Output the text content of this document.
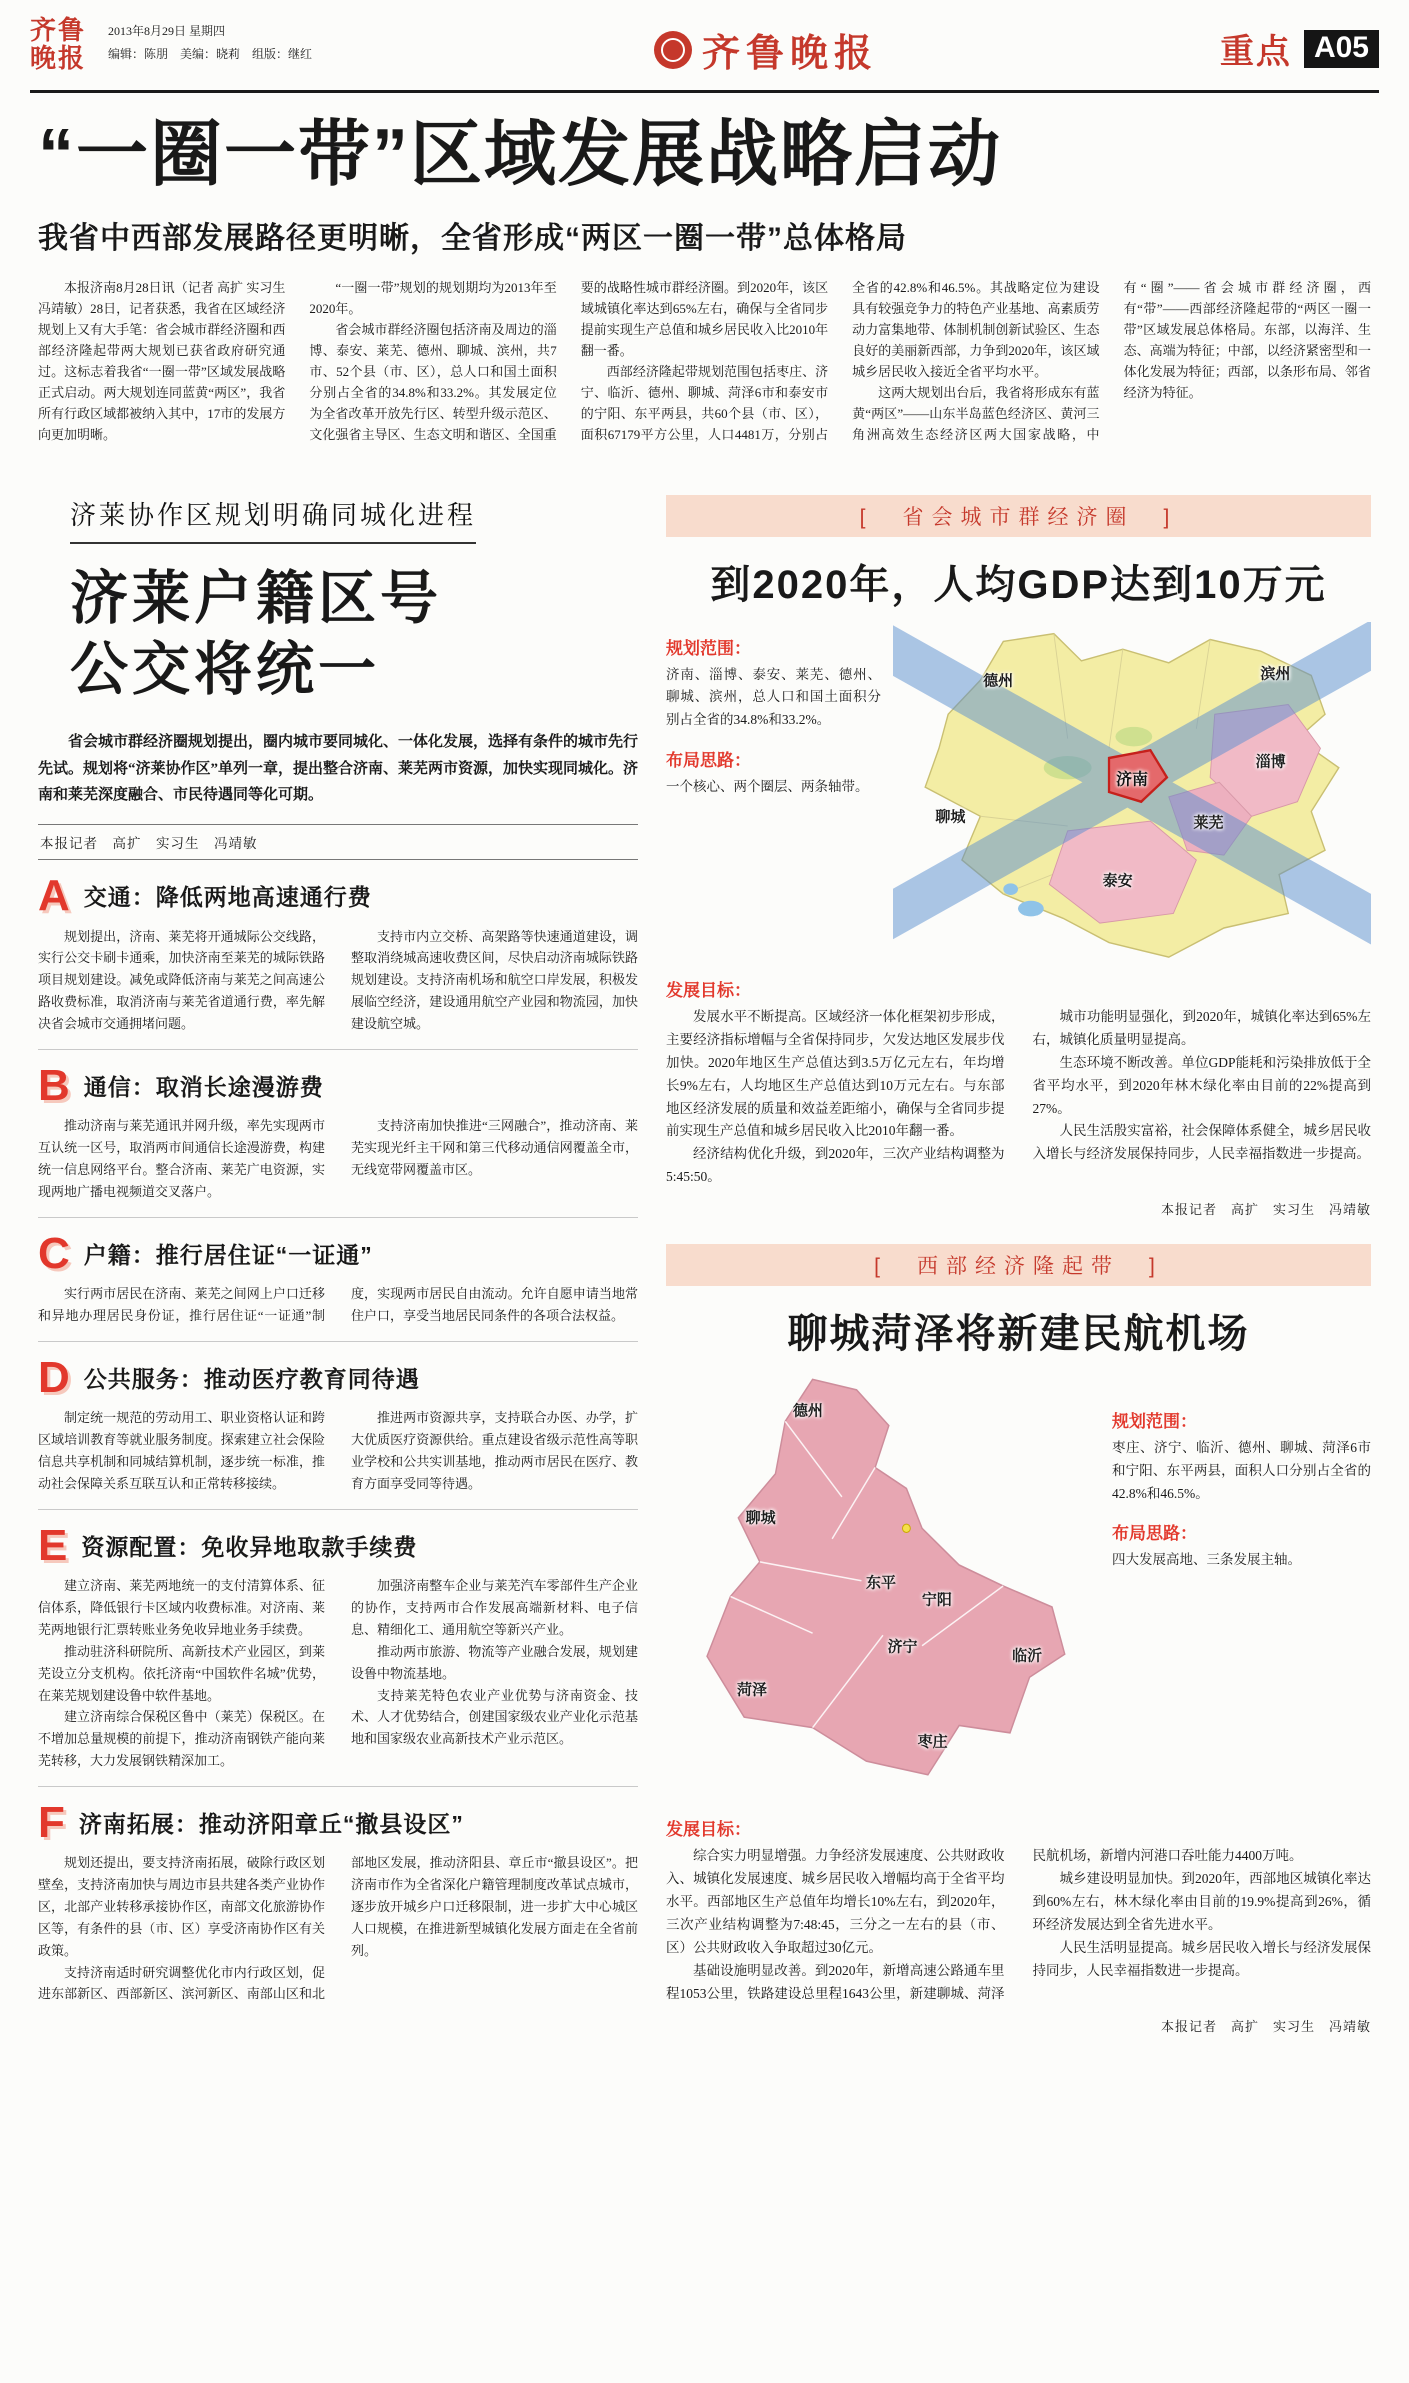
齐鲁晚报
2013年8月29日 星期四
编辑：陈朋　美编：晓莉　组版：继红	齐鲁晚报	重点 A05
“一圈一带”区域发展战略启动
我省中西部发展路径更明晰，全省形成“两区一圈一带”总体格局

本报济南8月28日讯（记者 高扩 实习生 冯靖敏）28日，记者获悉，我省在区域经济规划上又有大手笔：省会城市群经济圈和西部经济隆起带两大规划已获省政府研究通过。这标志着我省“一圈一带”区域发展战略正式启动。两大规划连同蓝黄“两区”，我省所有行政区域都被纳入其中，17市的发展方向更加明晰。

“一圈一带”规划的规划期均为2013年至2020年。

省会城市群经济圈包括济南及周边的淄博、泰安、莱芜、德州、聊城、滨州，共7市、52个县（市、区），总人口和国土面积分别占全省的34.8%和33.2%。其发展定位为全省改革开放先行区、转型升级示范区、文化强省主导区、生态文明和谐区、全国重要的战略性城市群经济圈。到2020年，该区域城镇化率达到65%左右，确保与全省同步提前实现生产总值和城乡居民收入比2010年翻一番。

西部经济隆起带规划范围包括枣庄、济宁、临沂、德州、聊城、菏泽6市和泰安市的宁阳、东平两县，共60个县（市、区），面积67179平方公里，人口4481万，分别占全省的42.8%和46.5%。其战略定位为建设具有较强竞争力的特色产业基地、高素质劳动力富集地带、体制机制创新试验区、生态良好的美丽新西部，力争到2020年，该区域城乡居民收入接近全省平均水平。

这两大规划出台后，我省将形成东有蓝黄“两区”——山东半岛蓝色经济区、黄河三角洲高效生态经济区两大国家战略，中有“圈”——省会城市群经济圈，西有“带”——西部经济隆起带的“两区一圈一带”区域发展总体格局。东部，以海洋、生态、高端为特征；中部，以经济紧密型和一体化发展为特征；西部，以条形布局、邻省经济为特征。

济莱协作区规划明确同城化进程
济莱户籍区号
公交将统一

省会城市群经济圈规划提出，圈内城市要同城化、一体化发展，选择有条件的城市先行先试。规划将“济莱协作区”单列一章，提出整合济南、莱芜两市资源，加快实现同城化。济南和莱芜深度融合、市民待遇同等化可期。

本报记者　高扩　实习生　冯靖敏
A 交通：降低两地高速通行费

规划提出，济南、莱芜将开通城际公交线路，实行公交卡刷卡通乘，加快济南至莱芜的城际铁路项目规划建设。减免或降低济南与莱芜之间高速公路收费标准，取消济南与莱芜省道通行费，率先解决省会城市交通拥堵问题。

支持市内立交桥、高架路等快速通道建设，调整取消绕城高速收费区间，尽快启动济南城际铁路规划建设。支持济南机场和航空口岸发展，积极发展临空经济，建设通用航空产业园和物流园，加快建设航空城。

B 通信：取消长途漫游费

推动济南与莱芜通讯并网升级，率先实现两市互认统一区号，取消两市间通信长途漫游费，构建统一信息网络平台。整合济南、莱芜广电资源，实现两地广播电视频道交叉落户。

支持济南加快推进“三网融合”，推动济南、莱芜实现光纤主干网和第三代移动通信网覆盖全市，无线宽带网覆盖市区。

C 户籍：推行居住证“一证通”

实行两市居民在济南、莱芜之间网上户口迁移和异地办理居民身份证，推行居住证“一证通”制度，实现两市居民自由流动。允许自愿申请当地常住户口，享受当地居民同条件的各项合法权益。

D 公共服务：推动医疗教育同待遇

制定统一规范的劳动用工、职业资格认证和跨区域培训教育等就业服务制度。探索建立社会保险信息共享机制和同城结算机制，逐步统一标准，推动社会保障关系互联互认和正常转移接续。

推进两市资源共享，支持联合办医、办学，扩大优质医疗资源供给。重点建设省级示范性高等职业学校和公共实训基地，推动两市居民在医疗、教育方面享受同等待遇。

E 资源配置：免收异地取款手续费

建立济南、莱芜两地统一的支付清算体系、征信体系，降低银行卡区域内收费标准。对济南、莱芜两地银行汇票转账业务免收异地业务手续费。

推动驻济科研院所、高新技术产业园区，到莱芜设立分支机构。依托济南“中国软件名城”优势，在莱芜规划建设鲁中软件基地。

建立济南综合保税区鲁中（莱芜）保税区。在不增加总量规模的前提下，推动济南钢铁产能向莱芜转移，大力发展钢铁精深加工。

加强济南整车企业与莱芜汽车零部件生产企业的协作，支持两市合作发展高端新材料、电子信息、精细化工、通用航空等新兴产业。

推动两市旅游、物流等产业融合发展，规划建设鲁中物流基地。

支持莱芜特色农业产业优势与济南资金、技术、人才优势结合，创建国家级农业产业化示范基地和国家级农业高新技术产业示范区。

F 济南拓展：推动济阳章丘“撤县设区”

规划还提出，要支持济南拓展，破除行政区划壁垒，支持济南加快与周边市县共建各类产业协作区，北部产业转移承接协作区，南部文化旅游协作区等，有条件的县（市、区）享受济南协作区有关政策。

支持济南适时研究调整优化市内行政区划，促进东部新区、西部新区、滨河新区、南部山区和北部地区发展，推动济阳县、章丘市“撤县设区”。把济南市作为全省深化户籍管理制度改革试点城市，逐步放开城乡户口迁移限制，进一步扩大中心城区人口规模，在推进新型城镇化发展方面走在全省前列。

[　省会城市群经济圈　]
到2020年，人均GDP达到10万元
规划范围：
济南、淄博、泰安、莱芜、德州、聊城、滨州，总人口和国土面积分别占全省的34.8%和33.2%。
布局思路：
一个核心、两个圈层、两条轴带。
德州	滨州
聊城
济南
淄博
莱芜
泰安
发展目标：

发展水平不断提高。区域经济一体化框架初步形成，主要经济指标增幅与全省保持同步，欠发达地区发展步伐加快。2020年地区生产总值达到3.5万亿元左右，年均增长9%左右，人均地区生产总值达到10万元左右。与东部地区经济发展的质量和效益差距缩小，确保与全省同步提前实现生产总值和城乡居民收入比2010年翻一番。

经济结构优化升级，到2020年，三次产业结构调整为5:45:50。

城市功能明显强化，到2020年，城镇化率达到65%左右，城镇化质量明显提高。

生态环境不断改善。单位GDP能耗和污染排放低于全省平均水平，到2020年林木绿化率由目前的22%提高到27%。

人民生活殷实富裕，社会保障体系健全，城乡居民收入增长与经济发展保持同步，人民幸福指数进一步提高。

本报记者　高扩　实习生　冯靖敏
[　西部经济隆起带　]
聊城菏泽将新建民航机场
德州
聊城
东平
宁阳
济宁
菏泽
临沂
枣庄
规划范围：
枣庄、济宁、临沂、德州、聊城、菏泽6市和宁阳、东平两县，面积人口分别占全省的42.8%和46.5%。
布局思路：
四大发展高地、三条发展主轴。
发展目标：

综合实力明显增强。力争经济发展速度、公共财政收入、城镇化发展速度、城乡居民收入增幅均高于全省平均水平。西部地区生产总值年均增长10%左右，到2020年，三次产业结构调整为7:48:45，三分之一左右的县（市、区）公共财政收入争取超过30亿元。

基础设施明显改善。到2020年，新增高速公路通车里程1053公里，铁路建设总里程1643公里，新建聊城、菏泽民航机场，新增内河港口吞吐能力4400万吨。

城乡建设明显加快。到2020年，西部地区城镇化率达到60%左右，林木绿化率由目前的19.9%提高到26%，循环经济发展达到全省先进水平。

人民生活明显提高。城乡居民收入增长与经济发展保持同步，人民幸福指数进一步提高。

本报记者　高扩　实习生　冯靖敏
